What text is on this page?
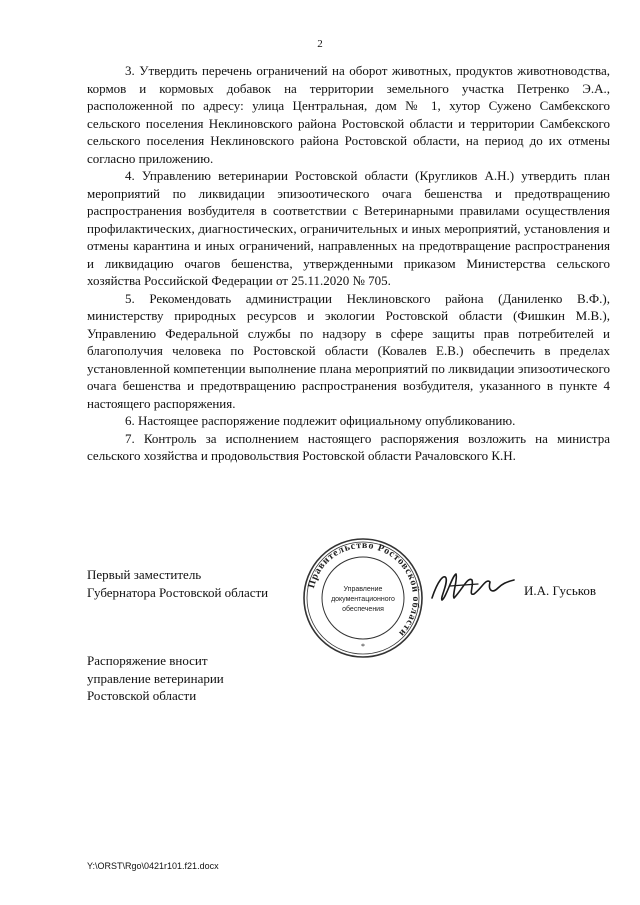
2

3. Утвердить перечень ограничений на оборот животных, продуктов животноводства, кормов и кормовых добавок на территории земельного участка Петренко Э.А., расположенной по адресу: улица Центральная, дом № 1, хутор Сужено Самбекского сельского поселения Неклиновского района Ростовской области и территории Самбекского сельского поселения Неклиновского района Ростовской области, на период до их отмены согласно приложению.

4. Управлению ветеринарии Ростовской области (Кругликов А.Н.) утвердить план мероприятий по ликвидации эпизоотического очага бешенства и предотвращению распространения возбудителя в соответствии с Ветеринарными правилами осуществления профилактических, диагностических, ограничительных и иных мероприятий, установления и отмены карантина и иных ограничений, направленных на предотвращение распространения и ликвидацию очагов бешенства, утвержденными приказом Министерства сельского хозяйства Российской Федерации от 25.11.2020 № 705.

5. Рекомендовать администрации Неклиновского района (Даниленко В.Ф.), министерству природных ресурсов и экологии Ростовской области (Фишкин М.В.), Управлению Федеральной службы по надзору в сфере защиты прав потребителей и благополучия человека по Ростовской области (Ковалев Е.В.) обеспечить в пределах установленной компетенции выполнение плана мероприятий по ликвидации эпизоотического очага бешенства и предотвращению распространения возбудителя, указанного в пункте 4 настоящего распоряжения.

6. Настоящее распоряжение подлежит официальному опубликованию.

7. Контроль за исполнением настоящего распоряжения возложить на министра сельского хозяйства и продовольствия Ростовской области Рачаловского К.Н.

Первый заместитель
Губернатора Ростовской области
Правительство Ростовской области
Управление
документационного
обеспечения
*
И.А. Гуськов
Распоряжение вносит
управление ветеринарии
Ростовской области
Y:\ORST\Rgo\0421r101.f21.docx
